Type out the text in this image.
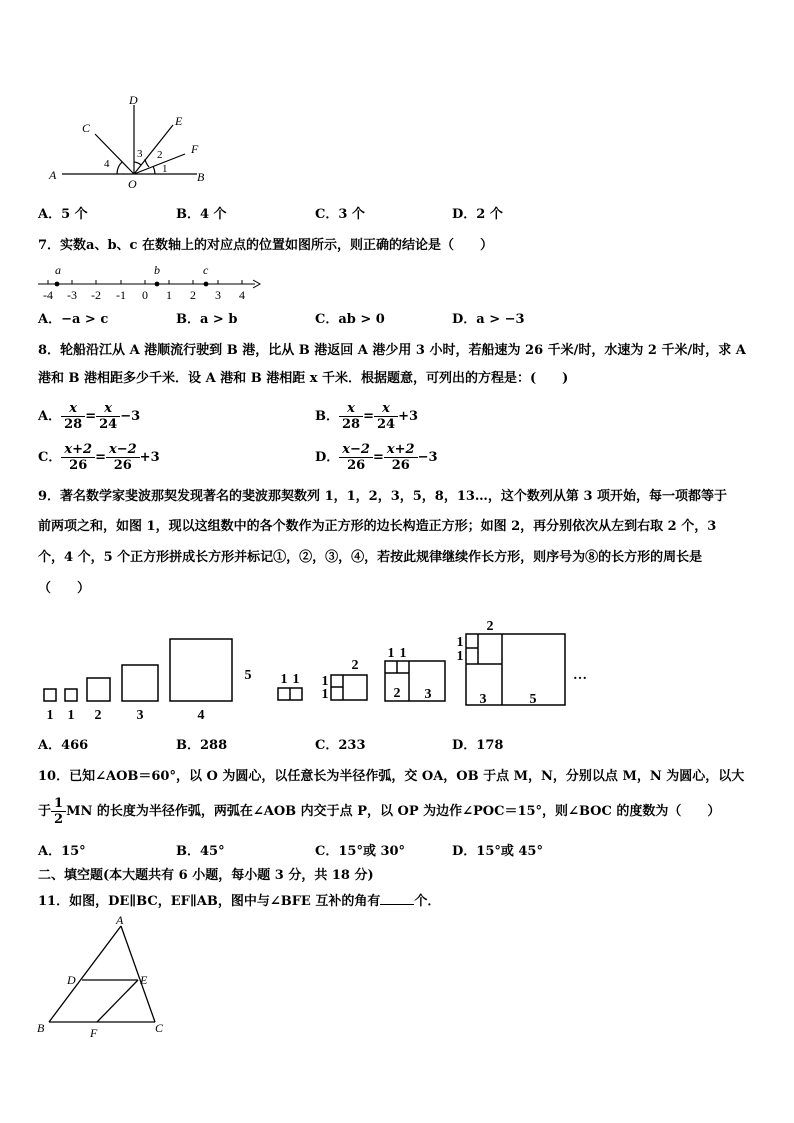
D
C	E
F
A	B
O
1
2
3
4
A．5 个	B．4 个	C．3 个	D．2 个
7．实数a、b、c 在数轴上的对应点的位置如图所示，则正确的结论是（　　）
a	b	c
-4 -3 -2 -1 0 1 2 3 4
A．−a > c	B．a > b	C．ab > 0	D．a > −3
8．轮船沿江从 A 港顺流行驶到 B 港，比从 B 港返回 A 港少用 3 小时，若船速为 26 千米/时，水速为 2 千米/时，求 A
港和 B 港相距多少千米．设 A 港和 B 港相距 x 千米．根据题意，可列出的方程是：(　　)
A． $\frac{x}{28} = \frac{x}{24} -3$	B． $\frac{x}{28} = \frac{x}{24} +3$
C． $\frac{x+2}{26} = \frac{x-2}{26} +3$	D． $\frac{x-2}{26} = \frac{x+2}{26} -3$
9．著名数学家斐波那契发现著名的斐波那契数列 1，1，2，3，5，8，13…，这个数列从第 3 项开始，每一项都等于
前两项之和，如图 1，现以这组数中的各个数作为正方形的边长构造正方形；如图 2，再分别依次从左到右取 2 个，3
个，4 个，5 个正方形拼成长方形并标记①，②，③，④，若按此规律继续作长方形，则序号为⑧的长方形的周长是
（　　）
1 1 2	3	4
5 1 1 1
1
2
1 1
2 3
2
1
1
3	5
…
A．466	B．288	C．233	D．178
10．已知∠AOB＝60°，以 O 为圆心，以任意长为半径作弧，交 OA，OB 于点 M，N，分别以点 M，N 为圆心，以大
于 $\frac{1}{2}$ MN 的长度为半径作弧，两弧在∠AOB 内交于点 P，以 OP 为边作∠POC＝15°，则∠BOC 的度数为（　　）
A．15°	B．45°	C．15°或 30°	D．15°或 45°
二、填空题(本大题共有 6 小题，每小题 3 分，共 18 分)
11．如图，DE∥BC，EF∥AB，图中与∠BFE 互补的角有	个．
A
D	E
B	F	C
